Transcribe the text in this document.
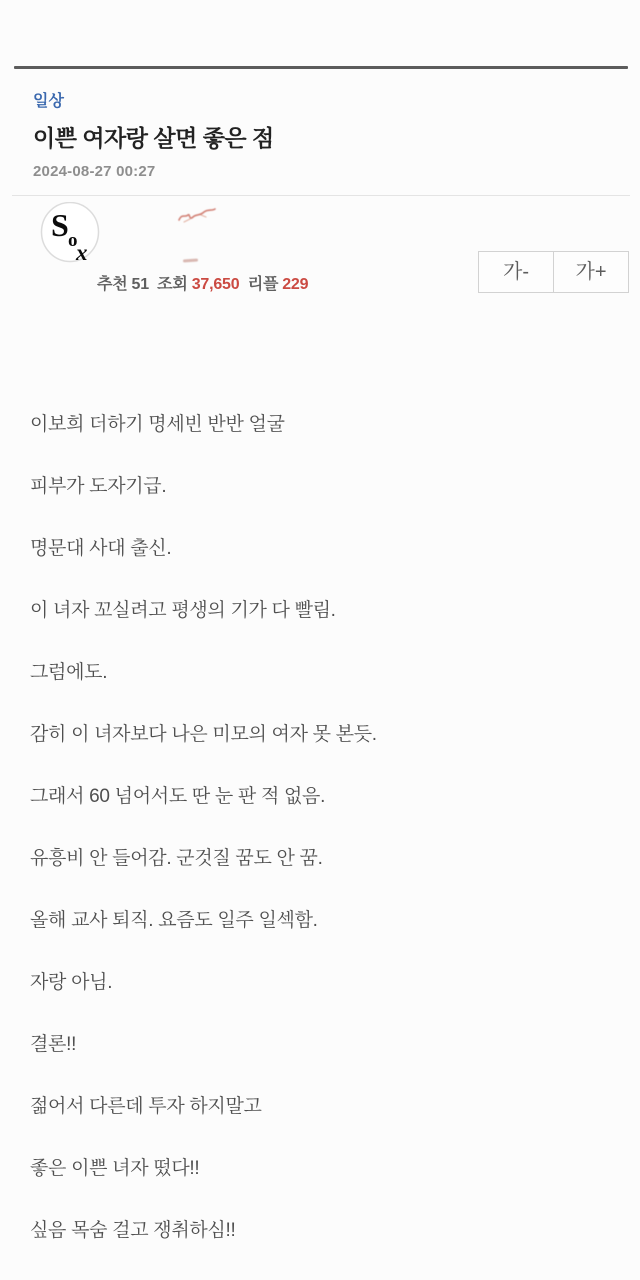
일상
이쁜 여자랑 살면 좋은 점
2024-08-27 00:27
S o
x
추천 51 조회 37,650 리플 229
가-	가+

이보희 더하기 명세빈 반반 얼굴

피부가 도자기급.

명문대 사대 출신.

이 녀자 꼬실려고 평생의 기가 다 빨림.

그럼에도.

감히 이 녀자보다 나은 미모의 여자 못 본듯.

그래서 60 넘어서도 딴 눈 판 적 없음.

유흥비 안 들어감. 군것질 꿈도 안 꿈.

올해 교사 퇴직. 요즘도 일주 일섹함.

자랑 아님.

결론!!

젊어서 다른데 투자 하지말고

좋은 이쁜 녀자 떴다!!

싶음 목숨 걸고 쟁취하심!!
